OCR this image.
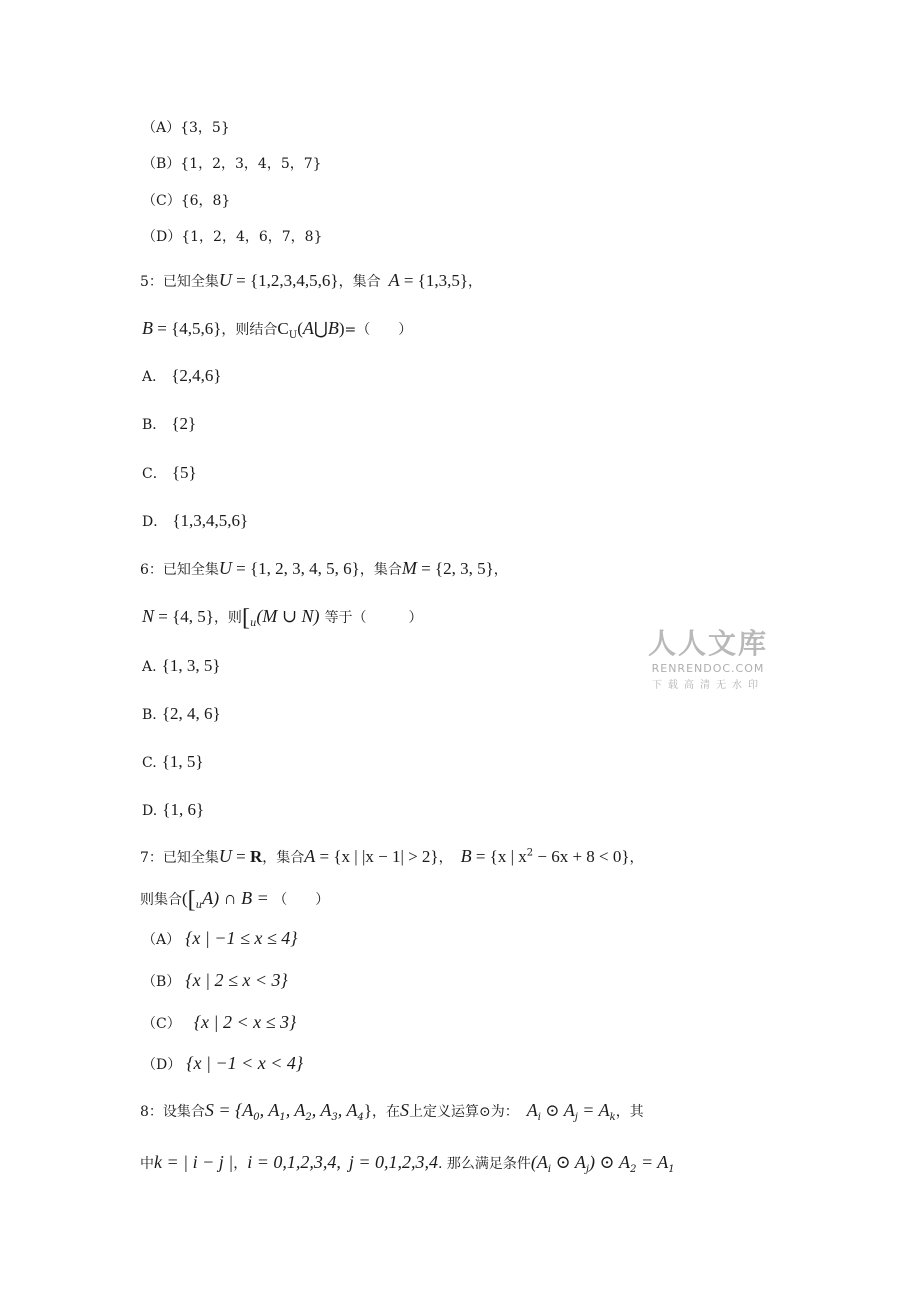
（A）{3，5}
（B）{1，2，3，4，5，7}
（C）{6，8}
（D）{1，2，4，6，7，8}
5：已知全集U = {1,2,3,4,5,6}，集合 A = {1,3,5}，
B = {4,5,6}，则结合$C_U(A⋃B)=$（　　）
A． {2,4,6}
B． {2}
C． {5}
D． {1,3,4,5,6}
6：已知全集U = {1, 2, 3, 4, 5, 6}，集合M = {2, 3, 5}，
N = {4, 5}，则[$_u(M$ ∪ N) 等于（　　　）
A. {1, 3, 5}
B. {2, 4, 6}
C. {1, 5}
D. {1, 6}
7：已知全集U = R，集合A = {x | |x − 1| > 2}， B = {x | $x^2 - 6x + 8 < 0$}，
则集合($[_uA)$ ∩ B = （　　）
（A） {x | −1 ≤ x ≤ 4}
（B） {x | 2 ≤ x < 3}
（C） {x | 2 < x ≤ 3}
（D） {x | −1 < x < 4}
8：设集合$S = \{A_0$, $A_1$, $A_2$, $A_3$, $A_4$}，在S上定义运算⊙为： $A_i$ ⊙ $A_j = A_k$，其
中k = | i − j |，i = 0,1,2,3,4, j = 0,1,2,3,4. 那么满足条件($A_i$ ⊙ $A_j$) ⊙ $A_2 = A_1$
人人文库
RENRENDOC.COM
下载高清无水印
